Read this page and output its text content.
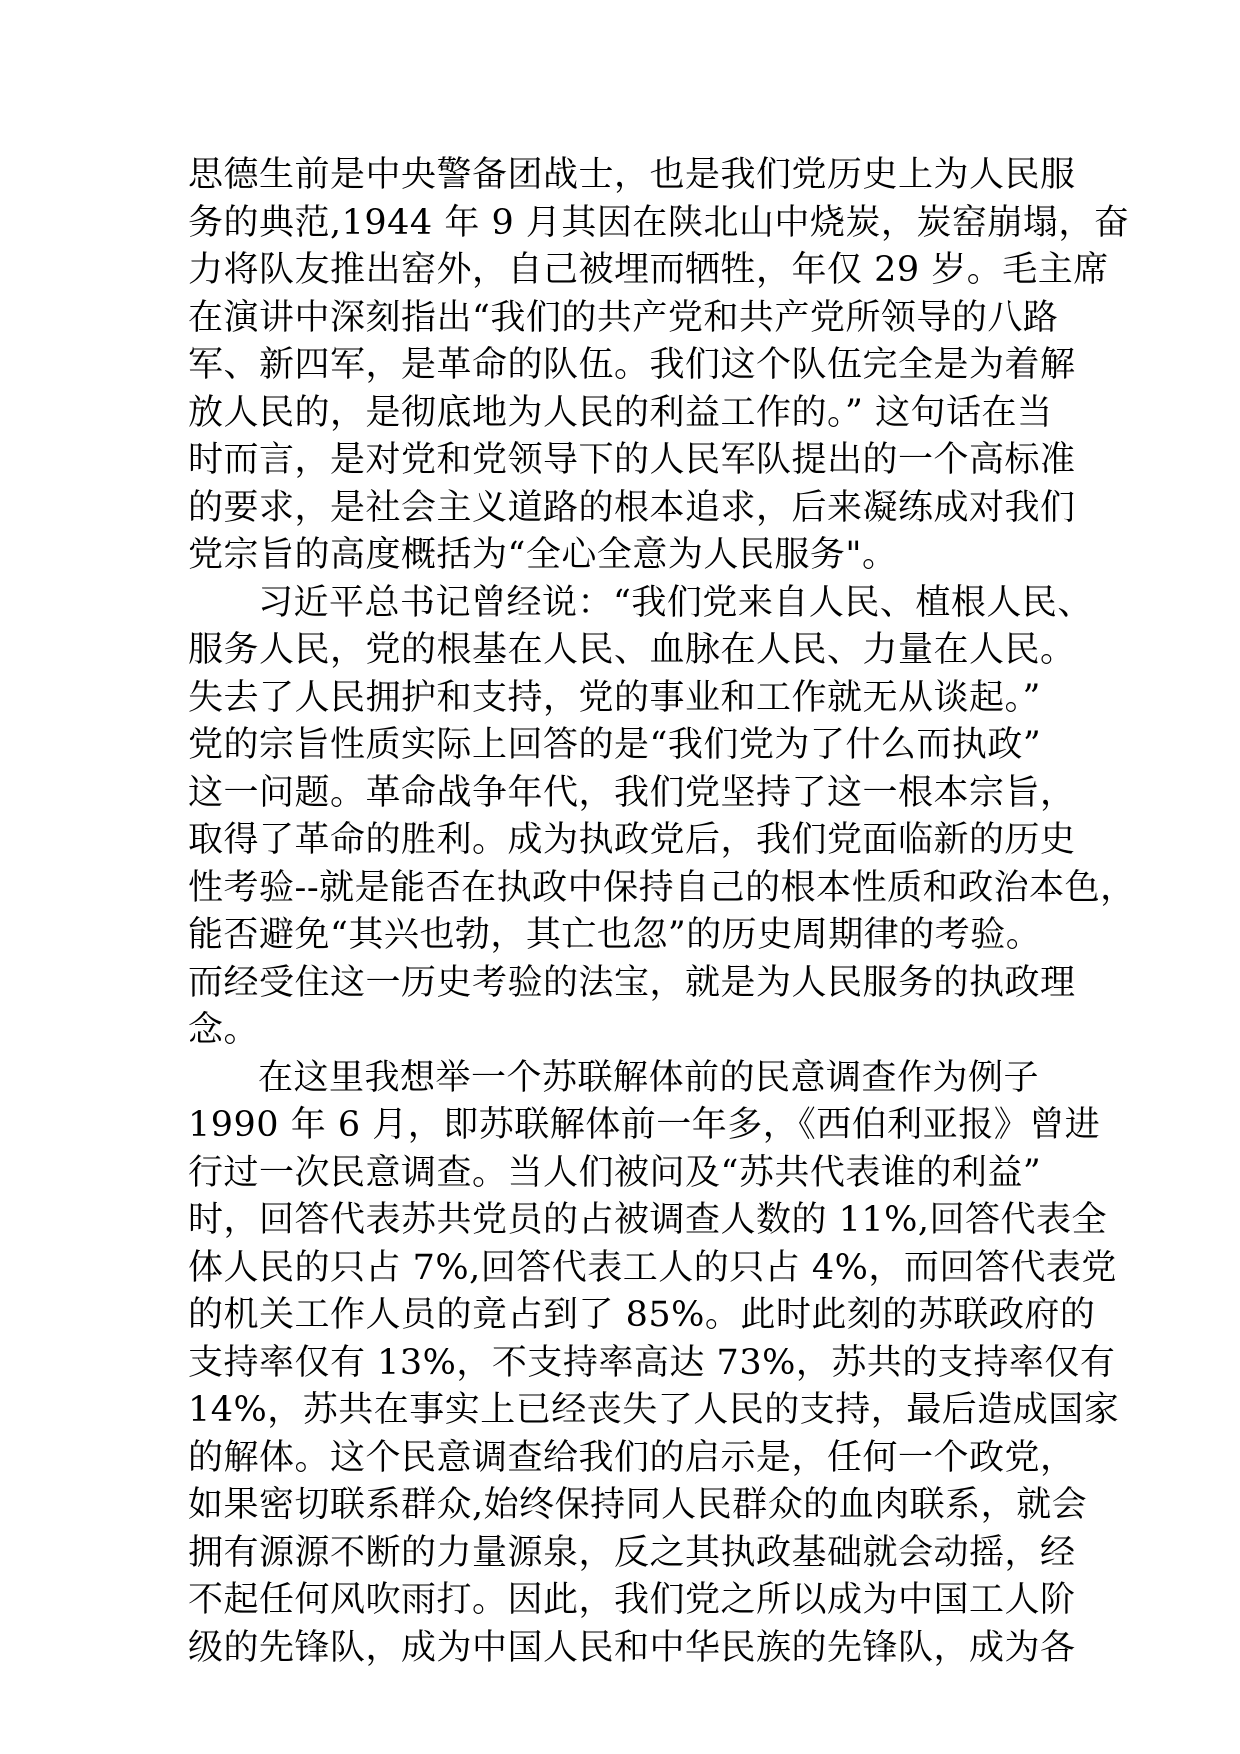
思德生前是中央警备团战士，也是我们党历史上为人民服
务的典范,1944 年 9 月其因在陕北山中烧炭，炭窑崩塌，奋
力将队友推出窑外，自己被埋而牺牲，年仅 29 岁。毛主席
在演讲中深刻指出“我们的共产党和共产党所领导的八路
军、新四军，是革命的队伍。我们这个队伍完全是为着解
放人民的，是彻底地为人民的利益工作的。” 这句话在当
时而言，是对党和党领导下的人民军队提出的一个高标准
的要求，是社会主义道路的根本追求，后来凝练成对我们
党宗旨的高度概括为“全心全意为人民服务"。
习近平总书记曾经说：“我们党来自人民、植根人民、
服务人民，党的根基在人民、血脉在人民、力量在人民。
失去了人民拥护和支持，党的事业和工作就无从谈起。”
党的宗旨性质实际上回答的是“我们党为了什么而执政”
这一问题。革命战争年代，我们党坚持了这一根本宗旨，
取得了革命的胜利。成为执政党后，我们党面临新的历史
性考验--就是能否在执政中保持自己的根本性质和政治本色，
能否避免“其兴也勃，其亡也忽”的历史周期律的考验。
而经受住这一历史考验的法宝，就是为人民服务的执政理
念。
在这里我想举一个苏联解体前的民意调查作为例子
1990 年 6 月，即苏联解体前一年多，《西伯利亚报》曾进
行过一次民意调查。当人们被问及“苏共代表谁的利益”
时，回答代表苏共党员的占被调查人数的 11%,回答代表全
体人民的只占 7%,回答代表工人的只占 4%，而回答代表党
的机关工作人员的竟占到了 85%。此时此刻的苏联政府的
支持率仅有 13%，不支持率高达 73%，苏共的支持率仅有
14%，苏共在事实上已经丧失了人民的支持，最后造成国家
的解体。这个民意调查给我们的启示是，任何一个政党，
如果密切联系群众,始终保持同人民群众的血肉联系，就会
拥有源源不断的力量源泉，反之其执政基础就会动摇，经
不起任何风吹雨打。因此，我们党之所以成为中国工人阶
级的先锋队，成为中国人民和中华民族的先锋队，成为各
